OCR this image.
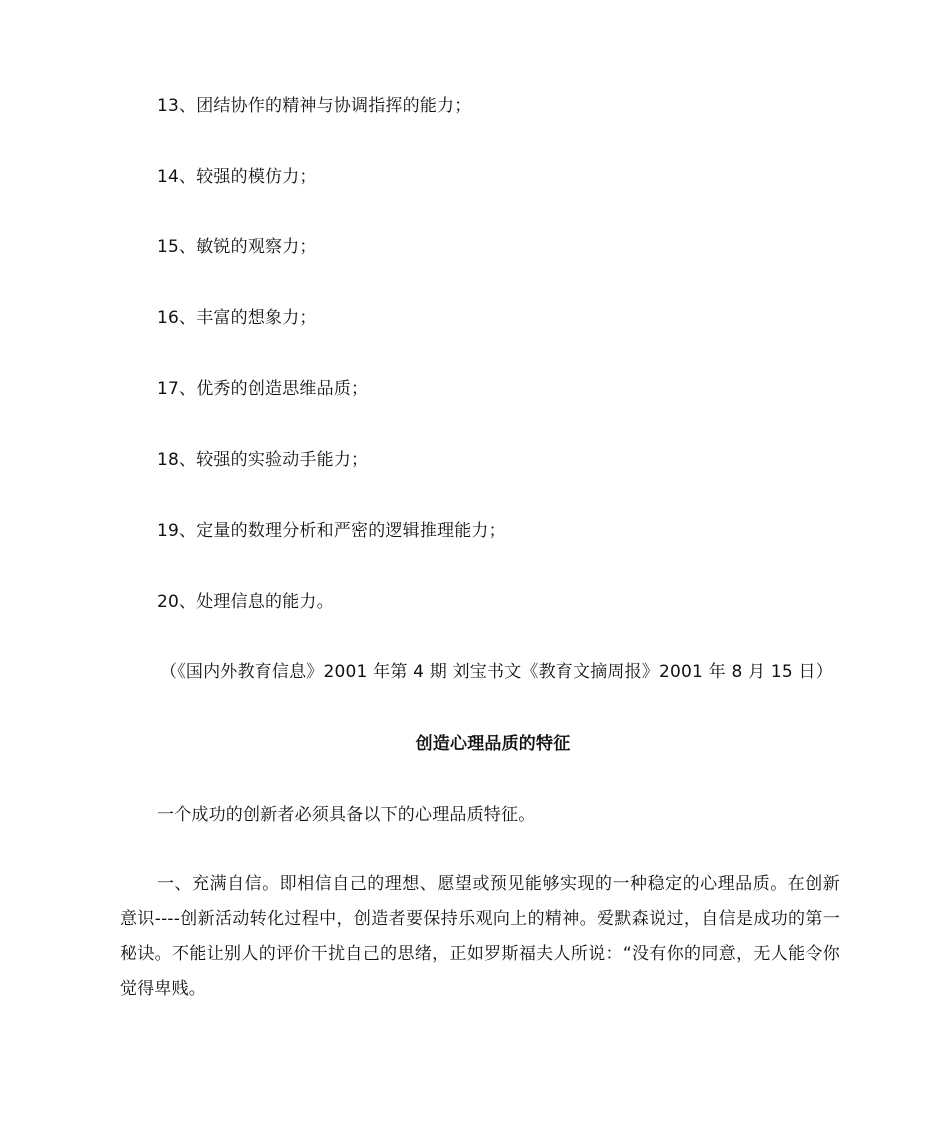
13、团结协作的精神与协调指挥的能力；
14、较强的模仿力；
15、敏锐的观察力；
16、丰富的想象力；
17、优秀的创造思维品质；
18、较强的实验动手能力；
19、定量的数理分析和严密的逻辑推理能力；
20、处理信息的能力。
（《国内外教育信息》2001 年第 4 期 刘宝书文《教育文摘周报》2001 年 8 月 15 日）
创造心理品质的特征
一个成功的创新者必须具备以下的心理品质特征。
一、充满自信。即相信自己的理想、愿望或预见能够实现的一种稳定的心理品质。在创新意识----创新活动转化过程中，创造者要保持乐观向上的精神。爱默森说过，自信是成功的第一秘诀。不能让别人的评价干扰自己的思绪，正如罗斯福夫人所说：“没有你的同意，无人能令你觉得卑贱。
